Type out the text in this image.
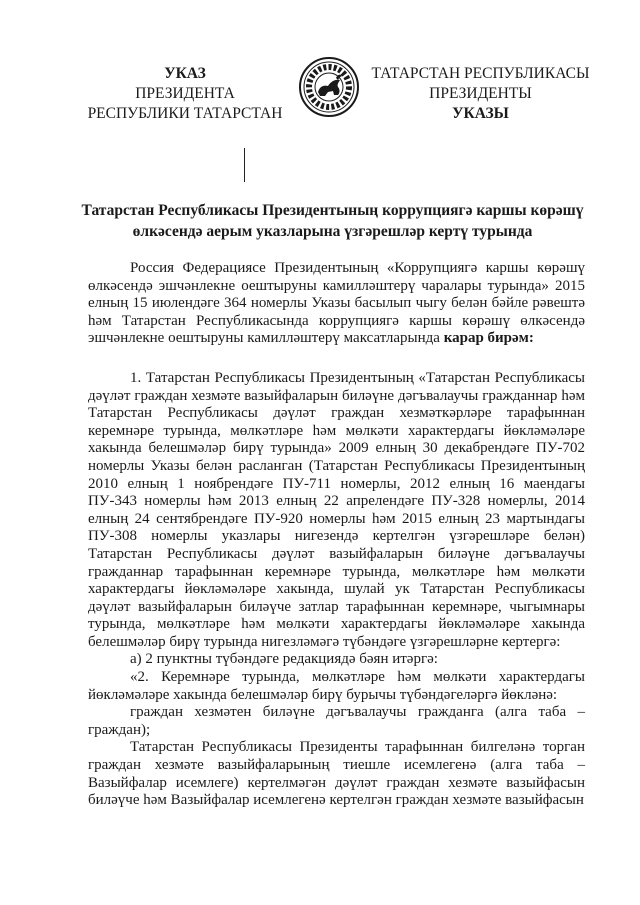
УКАЗ
ПРЕЗИДЕНТА
РЕСПУБЛИКИ ТАТАРСТАН
ТАТАРСТАН РЕСПУБЛИКАСЫ
ПРЕЗИДЕНТЫ
УКАЗЫ
Татарстан Республикасы Президентының коррупциягә каршы көрәшү
өлкәсендә аерым указларына үзгәрешләр кертү турында

Россия Федерациясе Президентының «Коррупциягә каршы көрәшү өлкәсендә эшчәнлекне оештыруны камилләштерү чаралары турында» 2015 елның 15 июлендәге 364 номерлы Указы басылып чыгу белән бәйле рәвештә һәм Татарстан Республикасында коррупциягә каршы көрәшү өлкәсендә эшчәнлекне оештыруны камилләштерү максатларында карар бирәм:

1. Татарстан Республикасы Президентының «Татарстан Республикасы дәүләт граждан хезмәте вазыйфаларын биләүне дәгъвалаучы гражданнар һәм Татарстан Республикасы дәүләт граждан хезмәткәрләре тарафыннан керемнәре турында, мөлкәтләре һәм мөлкәти характердагы йөкләмәләре хакында белешмәләр бирү турында» 2009 елның 30 декабрендәге ПУ-702 номерлы Указы белән расланган (Татарстан Республикасы Президентының 2010 елның 1 ноябрендәге ПУ-711 номерлы, 2012 елның 16 маендагы ПУ-343 номерлы һәм 2013 елның 22 апрелендәге ПУ-328 номерлы, 2014 елның 24 сентябрендәге ПУ-920 номерлы һәм 2015 елның 23 мартындагы ПУ-308 номерлы указлары нигезендә кертелгән үзгәрешләре белән) Татарстан Республикасы дәүләт вазыйфаларын биләүне дәгъвалаучы гражданнар тарафыннан керемнәре турында, мөлкәтләре һәм мөлкәти характердагы йөкләмәләре хакында, шулай ук Татарстан Республикасы дәүләт вазыйфаларын биләүче затлар тарафыннан керемнәре, чыгымнары турында, мөлкәтләре һәм мөлкәти характердагы йөкләмәләре хакында белешмәләр бирү турында нигезләмәгә түбәндәге үзгәрешләрне кертергә:

а) 2 пунктны түбәндәге редакциядә бәян итәргә:

«2. Керемнәре турында, мөлкәтләре һәм мөлкәти характердагы йөкләмәләре хакында белешмәләр бирү бурычы түбәндәгеләргә йөкләнә:

граждан хезмәтен биләүне дәгъвалаучы гражданга (алга таба – граждан);

Татарстан Республикасы Президенты тарафыннан билгеләнә торган граждан хезмәте вазыйфаларының тиешле исемлегенә (алга таба – Вазыйфалар исемлеге) кертелмәгән дәүләт граждан хезмәте вазыйфасын биләүче һәм Вазыйфалар исемлегенә кертелгән граждан хезмәте вазыйфасын
